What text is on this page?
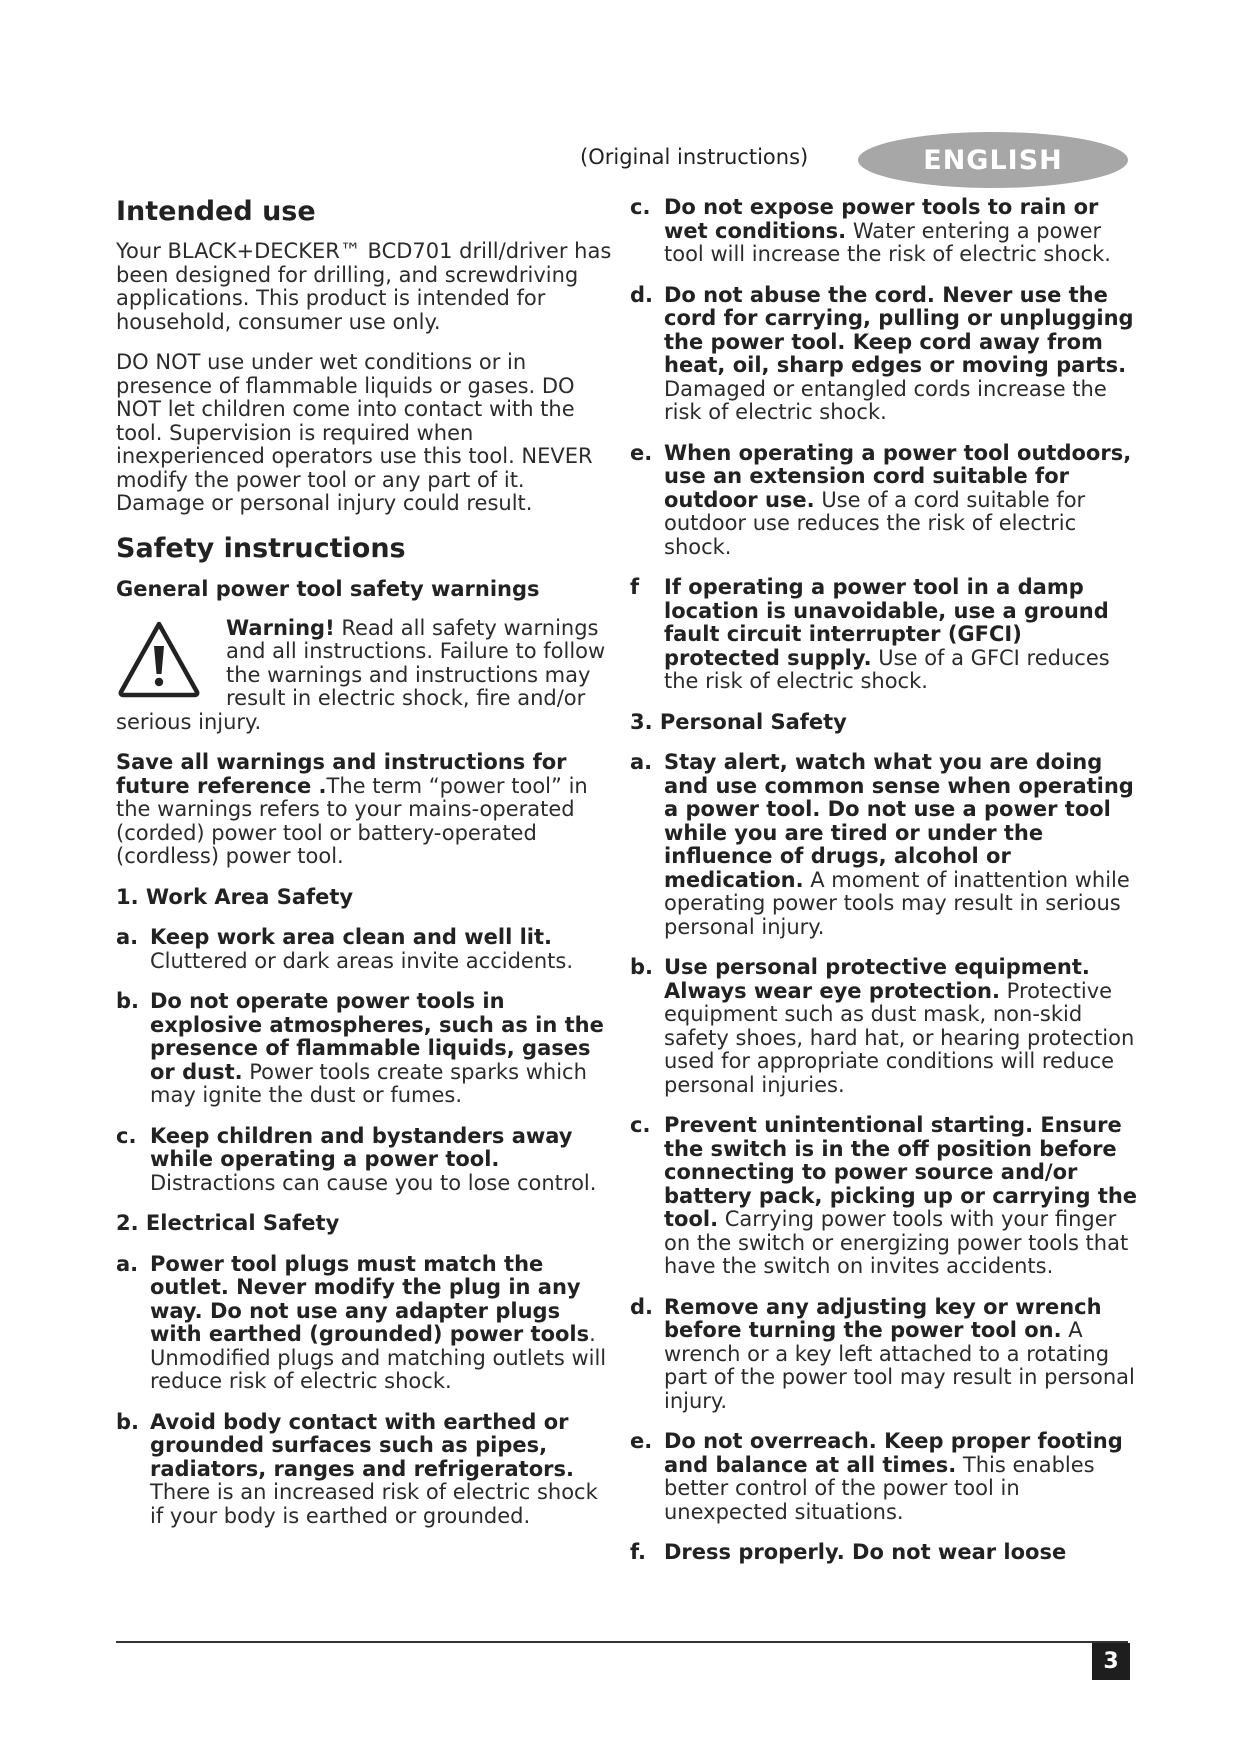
(Original instructions)	ENGLISH
Intended use

Your BLACK+DECKER™ BCD701 drill/driver has been designed for drilling, and screwdriving applications. This product is intended for household, consumer use only.

DO NOT use under wet conditions or in presence of flammable liquids or gases. DO NOT let children come into contact with the tool. Supervision is required when inexperienced operators use this tool. NEVER modify the power tool or any part of it. Damage or personal injury could result.

Safety instructions
General power tool safety warnings

Warning! Read all safety warnings and all instructions. Failure to follow the warnings and instructions may result in electric shock, fire and/or serious injury.

Save all warnings and instructions for future reference .The term “power tool” in the warnings refers to your mains-operated (corded) power tool or battery-operated (cordless) power tool.

1. Work Area Safety

a. Keep work area clean and well lit. Cluttered or dark areas invite accidents.
b. Do not operate power tools in explosive atmospheres, such as in the presence of flammable liquids, gases or dust. Power tools create sparks which may ignite the dust or fumes.
c. Keep children and bystanders away while operating a power tool. Distractions can cause you to lose control.

2. Electrical Safety

a. Power tool plugs must match the outlet. Never modify the plug in any way. Do not use any adapter plugs with earthed (grounded) power tools. Unmodified plugs and matching outlets will reduce risk of electric shock.
b. Avoid body contact with earthed or grounded surfaces such as pipes, radiators, ranges and refrigerators. There is an increased risk of electric shock if your body is earthed or grounded.
c. Do not expose power tools to rain or wet conditions. Water entering a power tool will increase the risk of electric shock.
d. Do not abuse the cord. Never use the cord for carrying, pulling or unplugging the power tool. Keep cord away from heat, oil, sharp edges or moving parts. Damaged or entangled cords increase the risk of electric shock.
e. When operating a power tool outdoors, use an extension cord suitable for outdoor use. Use of a cord suitable for outdoor use reduces the risk of electric shock.
f	If operating a power tool in a damp location is unavoidable, use a ground fault circuit interrupter (GFCI) protected supply. Use of a GFCI reduces the risk of electric shock.

3. Personal Safety

a. Stay alert, watch what you are doing and use common sense when operating a power tool. Do not use a power tool while you are tired or under the influence of drugs, alcohol or medication. A moment of inattention while operating power tools may result in serious personal injury.
b. Use personal protective equipment. Always wear eye protection. Protective equipment such as dust mask, non-skid safety shoes, hard hat, or hearing protection used for appropriate conditions will reduce personal injuries.
c. Prevent unintentional starting. Ensure the switch is in the off position before connecting to power source and/or battery pack, picking up or carrying the tool. Carrying power tools with your finger on the switch or energizing power tools that have the switch on invites accidents.
d. Remove any adjusting key or wrench before turning the power tool on. A wrench or a key left attached to a rotating part of the power tool may result in personal injury.
e. Do not overreach. Keep proper footing and balance at all times. This enables better control of the power tool in unexpected situations.
f. Dress properly. Do not wear loose
3
